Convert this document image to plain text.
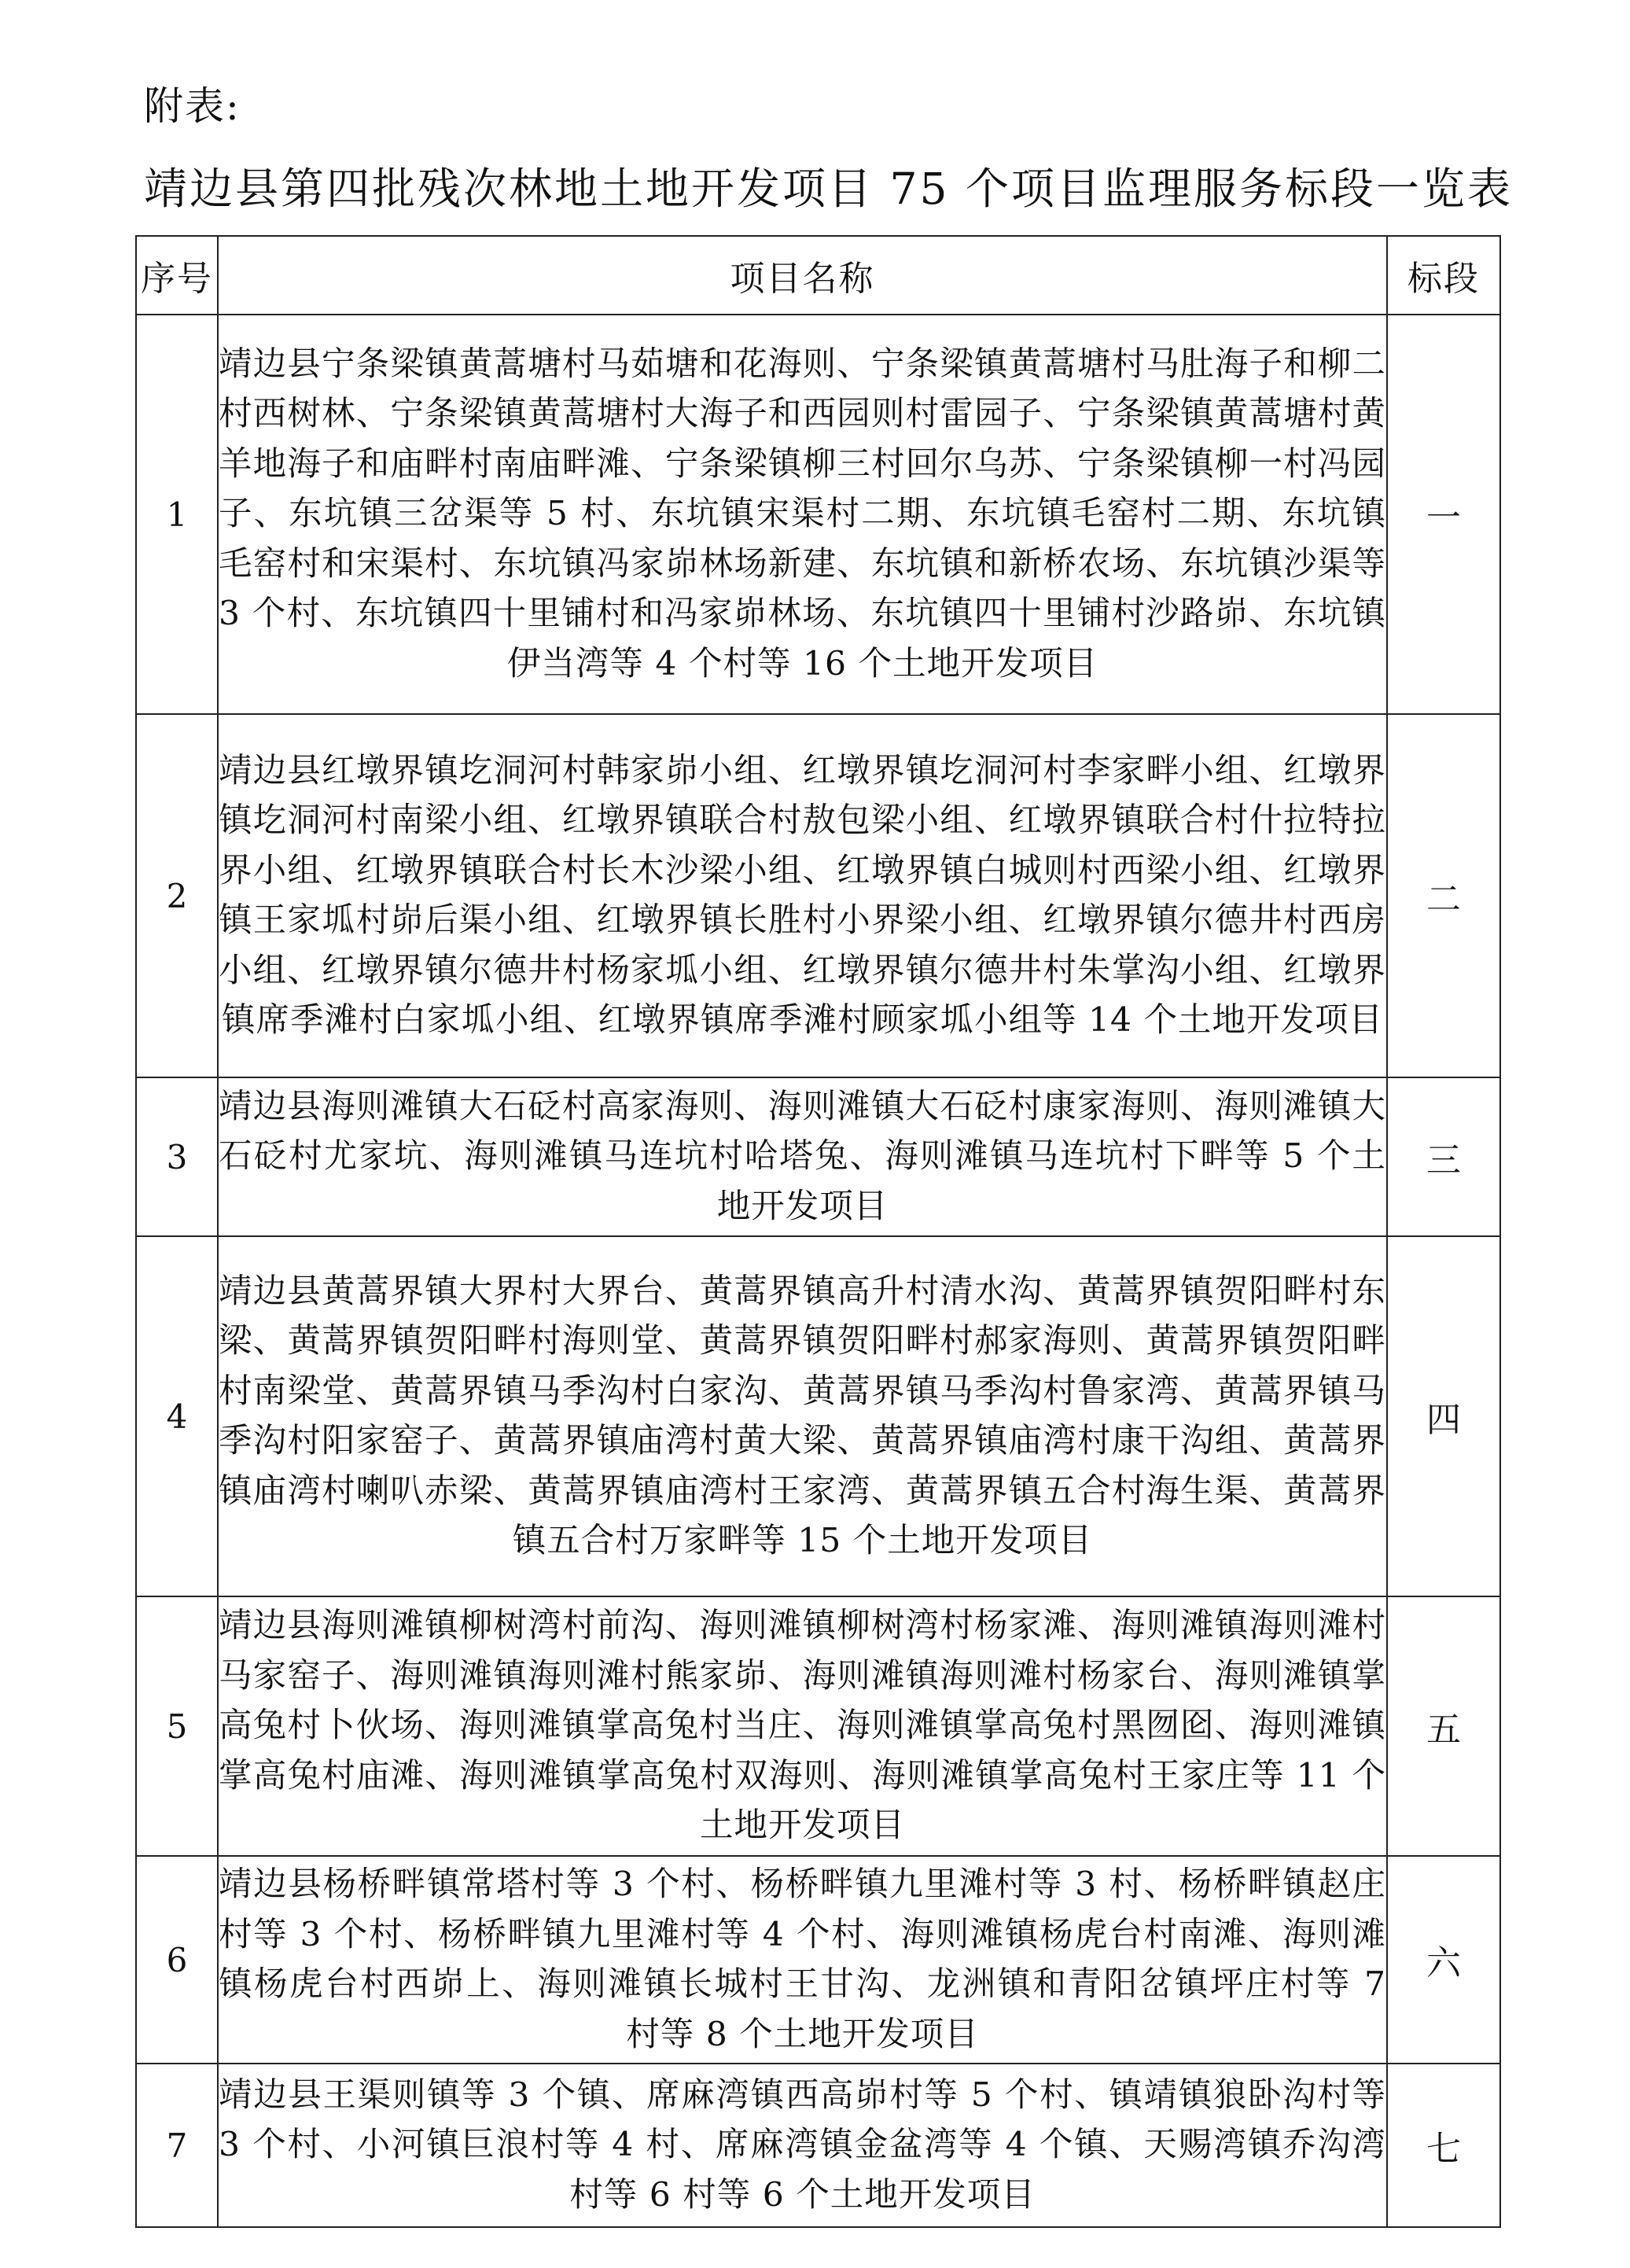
附表:
靖边县第四批残次林地土地开发项目 75 个项目监理服务标段一览表
序号	项目名称	标段
1	靖边县宁条梁镇黄蒿塘村马茹塘和花海则、宁条梁镇黄蒿塘村马肚海子和柳二村西树林、宁条梁镇黄蒿塘村大海子和西园则村雷园子、宁条梁镇黄蒿塘村黄羊地海子和庙畔村南庙畔滩、宁条梁镇柳三村回尔乌苏、宁条梁镇柳一村冯园子、东坑镇三岔渠等 5 村、东坑镇宋渠村二期、东坑镇毛窑村二期、东坑镇毛窑村和宋渠村、东坑镇冯家峁林场新建、东坑镇和新桥农场、东坑镇沙渠等 3 个村、东坑镇四十里铺村和冯家峁林场、东坑镇四十里铺村沙路峁、东坑镇伊当湾等 4 个村等 16 个土地开发项目	一
2	靖边县红墩界镇圪洞河村韩家峁小组、红墩界镇圪洞河村李家畔小组、红墩界镇圪洞河村南梁小组、红墩界镇联合村敖包梁小组、红墩界镇联合村什拉特拉界小组、红墩界镇联合村长木沙梁小组、红墩界镇白城则村西梁小组、红墩界镇王家坬村峁后渠小组、红墩界镇长胜村小界梁小组、红墩界镇尔德井村西房小组、红墩界镇尔德井村杨家坬小组、红墩界镇尔德井村朱掌沟小组、红墩界镇席季滩村白家坬小组、红墩界镇席季滩村顾家坬小组等 14 个土地开发项目	二
3	靖边县海则滩镇大石砭村高家海则、海则滩镇大石砭村康家海则、海则滩镇大石砭村尤家坑、海则滩镇马连坑村哈塔兔、海则滩镇马连坑村下畔等 5 个土地开发项目	三
4	靖边县黄蒿界镇大界村大界台、黄蒿界镇高升村清水沟、黄蒿界镇贺阳畔村东梁、黄蒿界镇贺阳畔村海则堂、黄蒿界镇贺阳畔村郝家海则、黄蒿界镇贺阳畔村南梁堂、黄蒿界镇马季沟村白家沟、黄蒿界镇马季沟村鲁家湾、黄蒿界镇马季沟村阳家窑子、黄蒿界镇庙湾村黄大梁、黄蒿界镇庙湾村康干沟组、黄蒿界镇庙湾村喇叭赤梁、黄蒿界镇庙湾村王家湾、黄蒿界镇五合村海生渠、黄蒿界镇五合村万家畔等 15 个土地开发项目	四
5	靖边县海则滩镇柳树湾村前沟、海则滩镇柳树湾村杨家滩、海则滩镇海则滩村马家窑子、海则滩镇海则滩村熊家峁、海则滩镇海则滩村杨家台、海则滩镇掌高兔村卜伙场、海则滩镇掌高兔村当庄、海则滩镇掌高兔村黑囫囵、海则滩镇掌高兔村庙滩、海则滩镇掌高兔村双海则、海则滩镇掌高兔村王家庄等 11 个土地开发项目	五
6	靖边县杨桥畔镇常塔村等 3 个村、杨桥畔镇九里滩村等 3 村、杨桥畔镇赵庄村等 3 个村、杨桥畔镇九里滩村等 4 个村、海则滩镇杨虎台村南滩、海则滩镇杨虎台村西峁上、海则滩镇长城村王甘沟、龙洲镇和青阳岔镇坪庄村等 7 村等 8 个土地开发项目	六
7	靖边县王渠则镇等 3 个镇、席麻湾镇西高峁村等 5 个村、镇靖镇狼卧沟村等 3 个村、小河镇巨浪村等 4 村、席麻湾镇金盆湾等 4 个镇、天赐湾镇乔沟湾村等 6 村等 6 个土地开发项目	七
